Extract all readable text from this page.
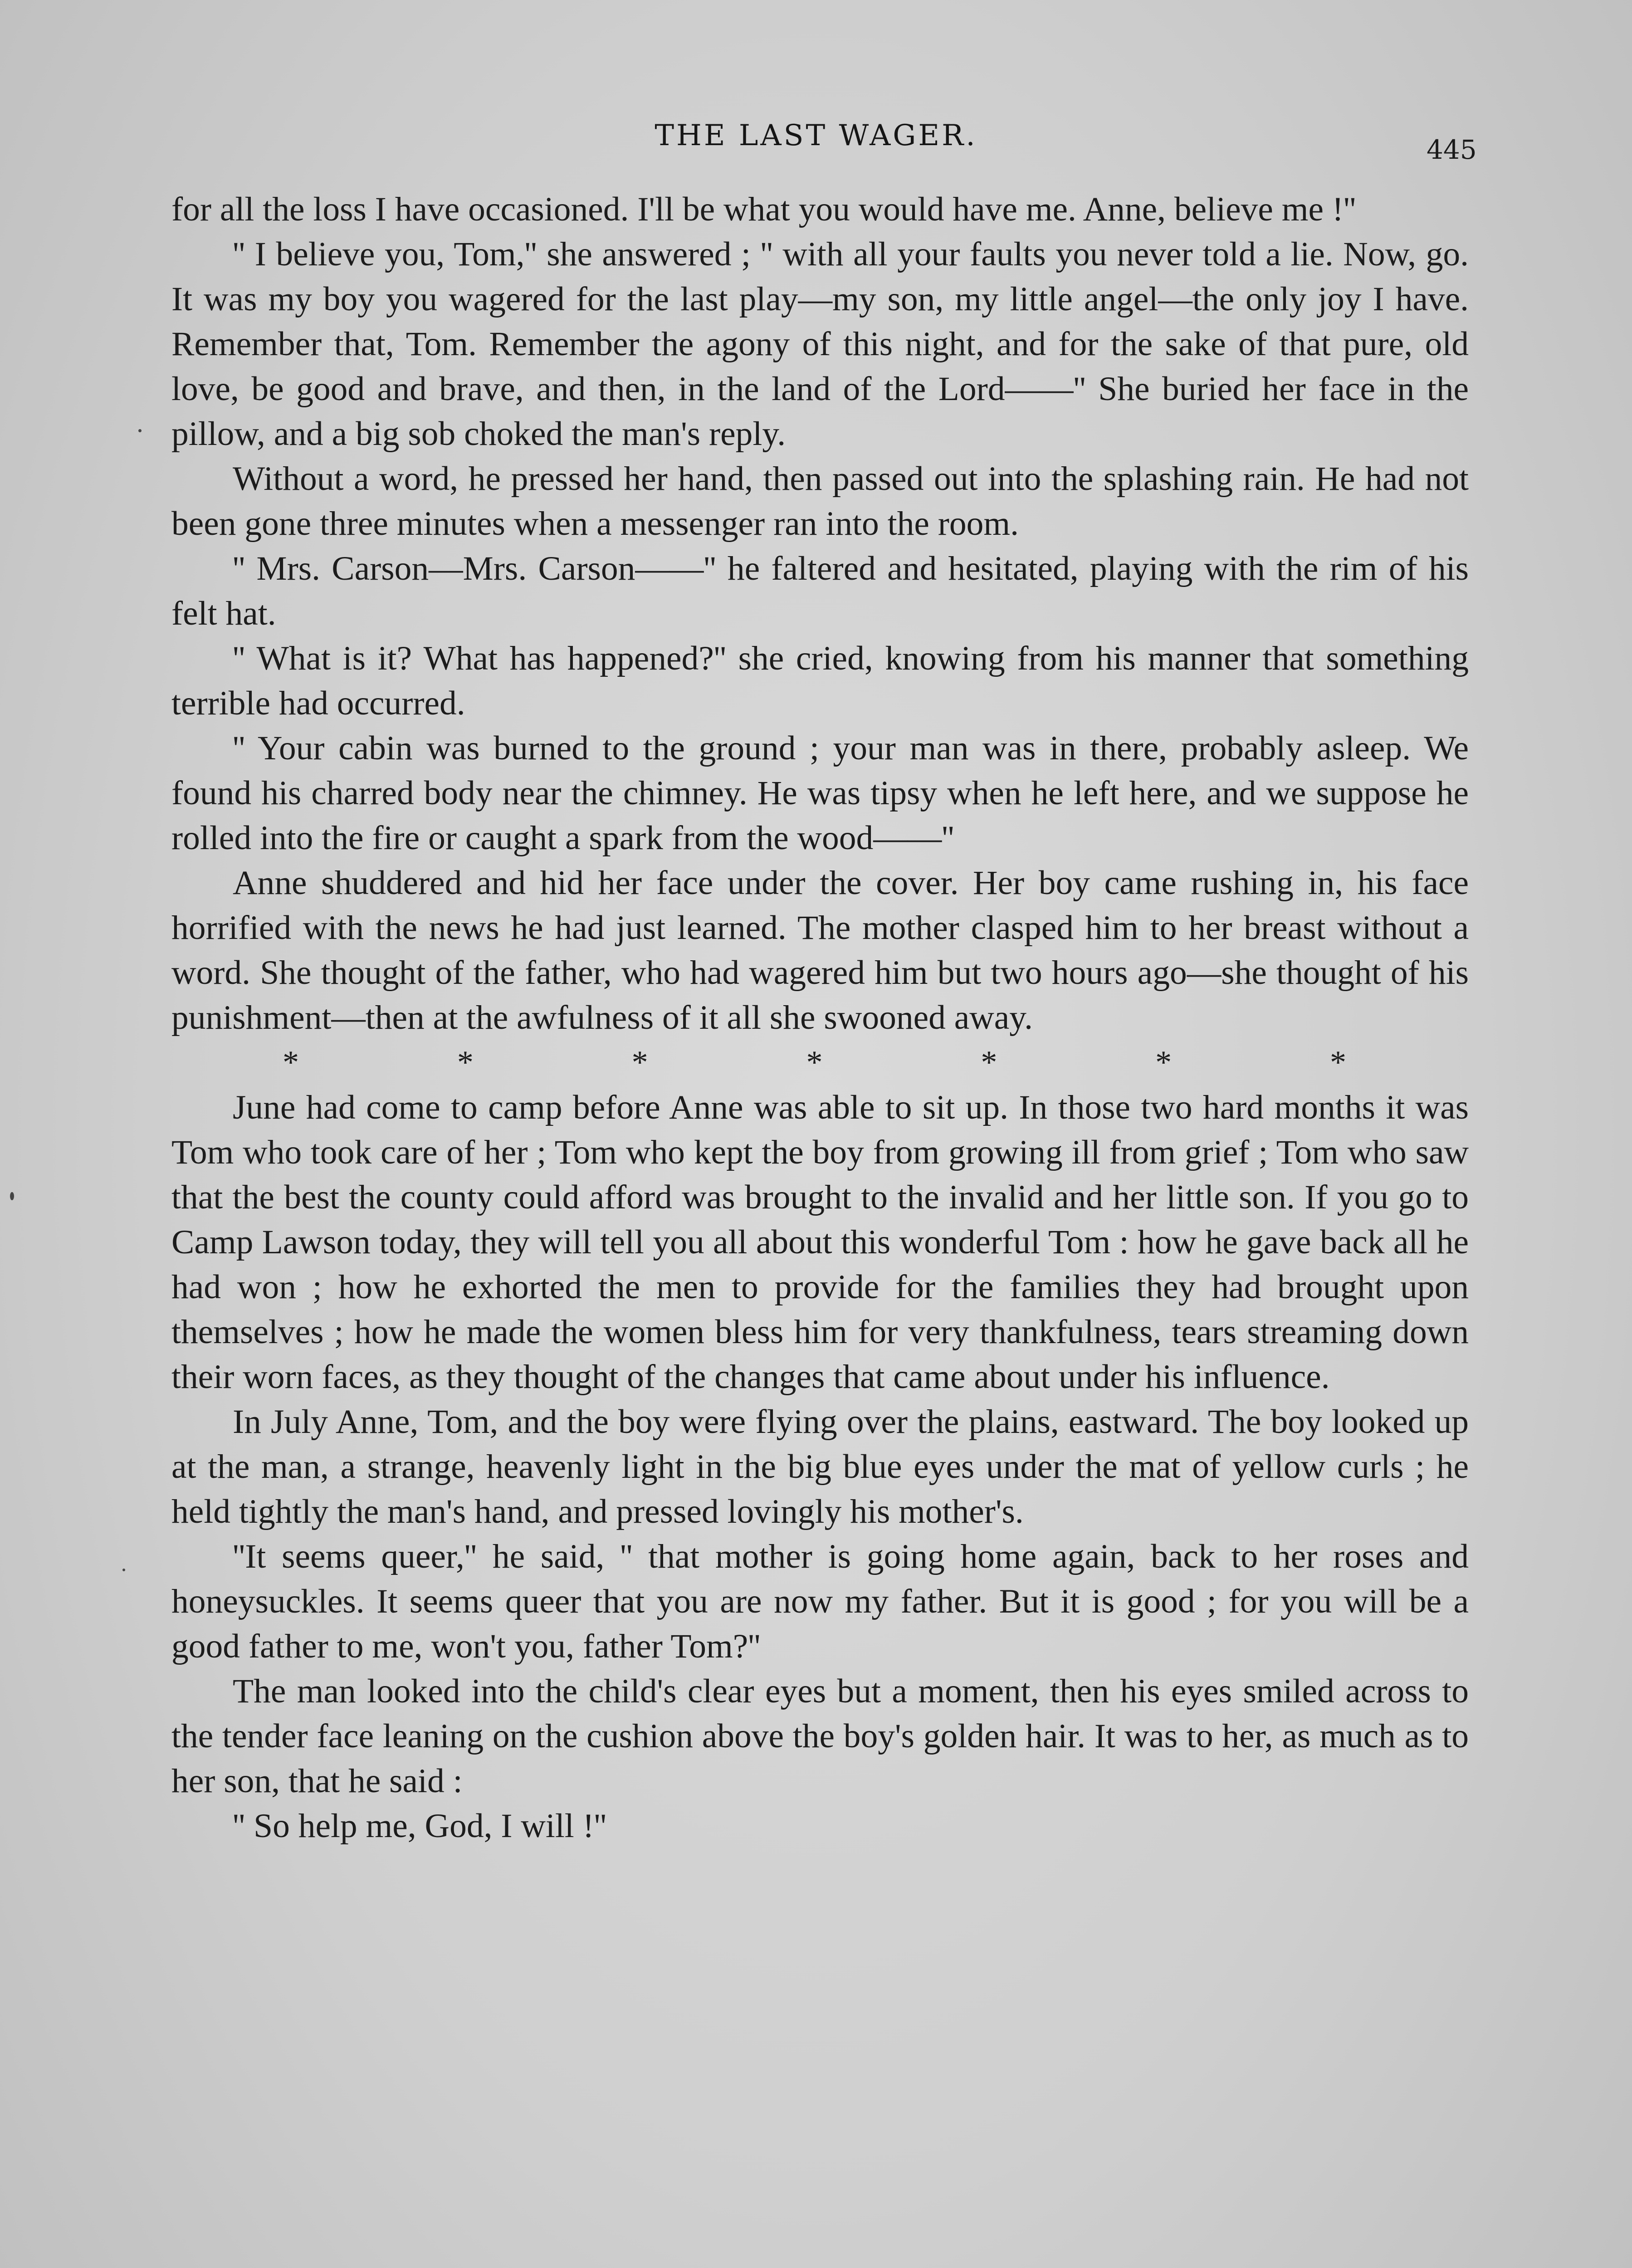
THE LAST WAGER.	445

for all the loss I have occasioned. I'll be what you would have me. Anne, believe me !''

'' I believe you, Tom,'' she answered ; '' with all your faults you never told a lie. Now, go. It was my boy you wagered for the last play—my son, my little angel—the only joy I have. Remember that, Tom. Remember the agony of this night, and for the sake of that pure, old love, be good and brave, and then, in the land of the Lord——'' She buried her face in the pillow, and a big sob choked the man's reply.

Without a word, he pressed her hand, then passed out into the splashing rain. He had not been gone three minutes when a messenger ran into the room.

'' Mrs. Carson—Mrs. Carson——'' he faltered and hesitated, playing with the rim of his felt hat.

'' What is it? What has happened?'' she cried, knowing from his manner that something terrible had occurred.

'' Your cabin was burned to the ground ; your man was in there, probably asleep. We found his charred body near the chimney. He was tipsy when he left here, and we suppose he rolled into the fire or caught a spark from the wood——''

Anne shuddered and hid her face under the cover. Her boy came rushing in, his face horrified with the news he had just learned. The mother clasped him to her breast without a word. She thought of the father, who had wagered him but two hours ago—she thought of his punishment—then at the awfulness of it all she swooned away.

*	*	*	*	*	*	*

June had come to camp before Anne was able to sit up. In those two hard months it was Tom who took care of her ; Tom who kept the boy from growing ill from grief ; Tom who saw that the best the county could afford was brought to the invalid and her little son. If you go to Camp Lawson today, they will tell you all about this wonderful Tom : how he gave back all he had won ; how he exhorted the men to provide for the families they had brought upon themselves ; how he made the women bless him for very thankfulness, tears streaming down their worn faces, as they thought of the changes that came about under his influence.

In July Anne, Tom, and the boy were flying over the plains, eastward. The boy looked up at the man, a strange, heavenly light in the big blue eyes under the mat of yellow curls ; he held tightly the man's hand, and pressed lovingly his mother's.

''It seems queer,'' he said, '' that mother is going home again, back to her roses and honeysuckles. It seems queer that you are now my father. But it is good ; for you will be a good father to me, won't you, father Tom?''

The man looked into the child's clear eyes but a moment, then his eyes smiled across to the tender face leaning on the cushion above the boy's golden hair. It was to her, as much as to her son, that he said :

'' So help me, God, I will !''
